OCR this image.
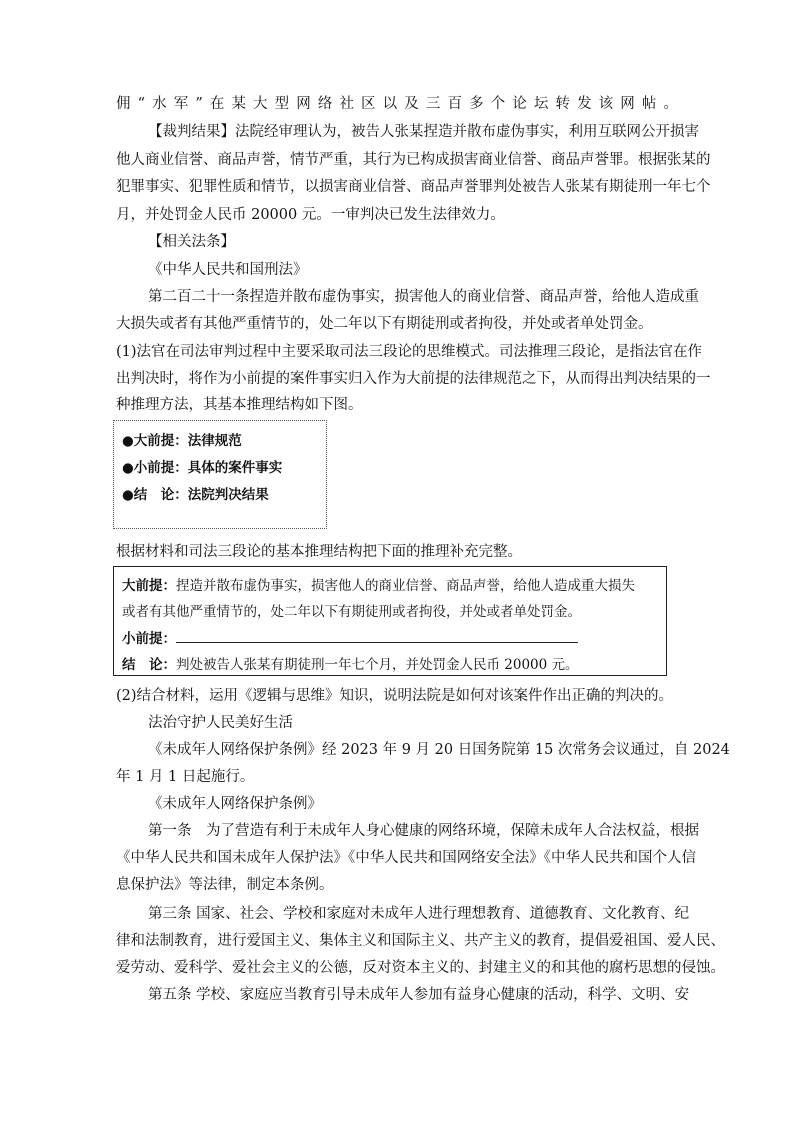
佣“水军”在某大型网络社区以及三百多个论坛转发该网帖。
【裁判结果】法院经审理认为，被告人张某捏造并散布虚伪事实，利用互联网公开损害
他人商业信誉、商品声誉，情节严重，其行为已构成损害商业信誉、商品声誉罪。根据张某的
犯罪事实、犯罪性质和情节，以损害商业信誉、商品声誉罪判处被告人张某有期徒刑一年七个
月，并处罚金人民币 20000 元。一审判决已发生法律效力。
【相关法条】
《中华人民共和国刑法》
第二百二十一条捏造并散布虚伪事实，损害他人的商业信誉、商品声誉，给他人造成重
大损失或者有其他严重情节的，处二年以下有期徒刑或者拘役，并处或者单处罚金。
(1)法官在司法审判过程中主要采取司法三段论的思维模式。司法推理三段论，是指法官在作
出判决时，将作为小前提的案件事实归入作为大前提的法律规范之下，从而得出判决结果的一
种推理方法，其基本推理结构如下图。
●大前提：法律规范
●小前提：具体的案件事实
●结　论：法院判决结果
根据材料和司法三段论的基本推理结构把下面的推理补充完整。
大前提：捏造并散布虚伪事实，损害他人的商业信誉、商品声誉，给他人造成重大损失
或者有其他严重情节的，处二年以下有期徒刑或者拘役，并处或者单处罚金。
小前提：
结　论：判处被告人张某有期徒刑一年七个月，并处罚金人民币 20000 元。
(2)结合材料，运用《逻辑与思维》知识，说明法院是如何对该案件作出正确的判决的。
法治守护人民美好生活
《未成年人网络保护条例》经 2023 年 9 月 20 日国务院第 15 次常务会议通过，自 2024
年 1 月 1 日起施行。
《未成年人网络保护条例》
第一条　为了营造有利于未成年人身心健康的网络环境，保障未成年人合法权益，根据
《中华人民共和国未成年人保护法》《中华人民共和国网络安全法》《中华人民共和国个人信
息保护法》等法律，制定本条例。
第三条 国家、社会、学校和家庭对未成年人进行理想教育、道德教育、文化教育、纪
律和法制教育，进行爱国主义、集体主义和国际主义、共产主义的教育，提倡爱祖国、爱人民、
爱劳动、爱科学、爱社会主义的公德，反对资本主义的、封建主义的和其他的腐朽思想的侵蚀。
第五条 学校、家庭应当教育引导未成年人参加有益身心健康的活动，科学、文明、安
